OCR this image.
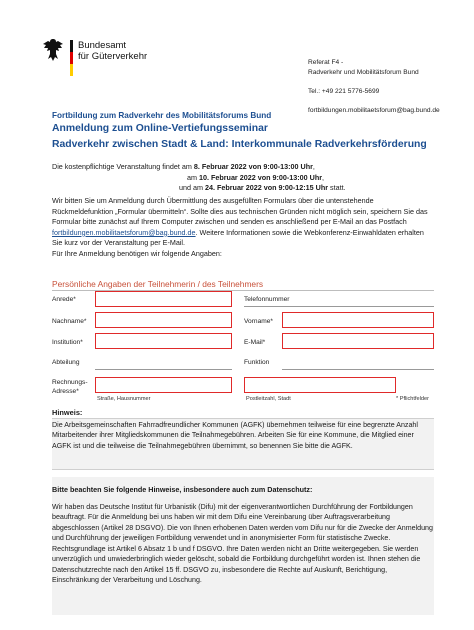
Bundesamt
für Güterverkehr
Referat F4 -
Radverkehr und Mobilitätsforum Bund
Tel.: +49 221 5776-5699
fortbildungen.mobilitaetsforum@bag.bund.de
Fortbildung zum Radverkehr des Mobilitätsforums Bund
Anmeldung zum Online-Vertiefungsseminar
Radverkehr zwischen Stadt & Land: Interkommunale Radverkehrsförderung
Die kostenpflichtige Veranstaltung findet am 8. Februar 2022 von 9:00-13:00 Uhr,
am 10. Februar 2022 von 9:00-13:00 Uhr,
und am 24. Februar 2022 von 9:00-12:15 Uhr statt.
Wir bitten Sie um Anmeldung durch Übermittlung des ausgefüllten Formulars über die untenstehende Rückmeldefunktion „Formular übermitteln“. Sollte dies aus technischen Gründen nicht möglich sein, speichern Sie das Formular bitte zunächst auf Ihrem Computer zwischen und senden es anschließend per E-Mail an das Postfach fortbildungen.mobilitaetsforum@bag.bund.de. Weitere Informationen sowie die Webkonferenz-Einwahldaten erhalten Sie kurz vor der Veranstaltung per E-Mail.
Für Ihre Anmeldung benötigen wir folgende Angaben:
Persönliche Angaben der Teilnehmerin / des Teilnehmers
Anrede*	Telefonnummer
Nachname*	Vorname*
Institution*	E-Mail*
Abteilung	Funktion
Rechnungs-
Adresse*
Straße, Hausnummer	Postleitzahl, Stadt	* Pflichtfelder
Hinweis:
Die Arbeitsgemeinschaften Fahrradfreundlicher Kommunen (AGFK) übernehmen teilweise für eine begrenzte Anzahl Mitarbeitender ihrer Mitgliedskommunen die Teilnahmegebühren. Arbeiten Sie für eine Kommune, die Mitglied einer AGFK ist und die teilweise die Teilnahmegebühren übernimmt, so benennen Sie bitte die AGFK.
Bitte beachten Sie folgende Hinweise, insbesondere auch zum Datenschutz:
Wir haben das Deutsche Institut für Urbanistik (Difu) mit der eigenverantwortlichen Durchführung der Fortbildungen beauftragt. Für die Anmeldung bei uns haben wir mit dem Difu eine Vereinbarung über Auftragsverarbeitung abgeschlossen (Artikel 28 DSGVO). Die von Ihnen erhobenen Daten werden vom Difu nur für die Zwecke der Anmeldung und Durchführung der jeweiligen Fortbildung verwendet und in anonymisierter Form für statistische Zwecke. Rechtsgrundlage ist Artikel 6 Absatz 1 b und f DSGVO. Ihre Daten werden nicht an Dritte weitergegeben. Sie werden unverzüglich und unwiederbringlich wieder gelöscht, sobald die Fortbildung durchgeführt worden ist. Ihnen stehen die Datenschutzrechte nach den Artikel 15 ff. DSGVO zu, insbesondere die Rechte auf Auskunft, Berichtigung, Einschränkung der Verarbeitung und Löschung.
